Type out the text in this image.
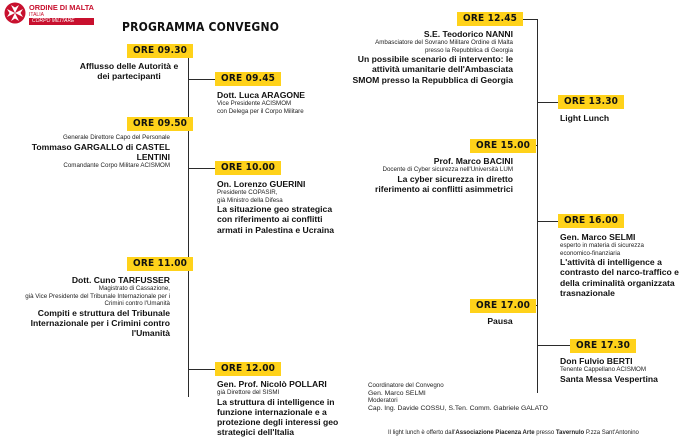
ORDINE DI MALTA
ITALIA
CORPO MILITARE	PROGRAMMA CONVEGNO
ORE 09.30

Afflusso delle Autorità e

dei partecipanti	ORE 09.45

Dott. Luca ARAGONE

Vice Presidente ACISMOM

con Delega per il Corpo Militare

ORE 09.50

Generale Direttore Capo del Personale

Tommaso GARGALLO di CASTEL LENTINI

Comandante Corpo Militare ACISMOM	ORE 10.00

On. Lorenzo GUERINI

Presidente COPASIR,

già Ministro della Difesa

La situazione geo strategica

con riferimento ai conflitti

armati in Palestina e Ucraina

ORE 11.00

Dott. Cuno TARFUSSER

Magistrato di Cassazione,

già Vice Presidente del Tribunale Internazionale per i

Crimini contro l'Umanità

Compiti e struttura del Tribunale

Internazionale per i Crimini contro

l'Umanità

ORE 12.00

Gen. Prof. Nicolò POLLARI

già Direttore del SISMI

La struttura di intelligence in

funzione internazionale e a

protezione degli interessi geo

strategici dell'Italia

ORE 12.45

S.E. Teodorico NANNI

Ambasciatore del Sovrano Militare Ordine di Malta

presso la Repubblica di Georgia

Un possibile scenario di intervento: le

attività umanitarie dell'Ambasciata

SMOM presso la Repubblica di Georgia

ORE 13.30

Light Lunch

ORE 15.00

Prof. Marco BACINI

Docente di Cyber sicurezza nell'Università LUM

La cyber sicurezza in diretto

riferimento ai conflitti asimmetrici

ORE 16.00

Gen. Marco SELMI

esperto in materia di sicurezza

economico-finanziaria

L'attività di intelligence a

contrasto del narco-traffico e

della criminalità organizzata

trasnazionale

ORE 17.00

Pausa

ORE 17.30

Don Fulvio BERTI

Tenente Cappellano ACISMOM

Santa Messa Vespertina

Coordinatore del Convegno

Gen. Marco SELMI

Moderatori

Cap. Ing. Davide COSSU, S.Ten. Comm. Gabriele GALATO

Il light lunch è offerto dall'Associazione Piacenza Arte presso Tavernulo P.zza Sant'Antonino
